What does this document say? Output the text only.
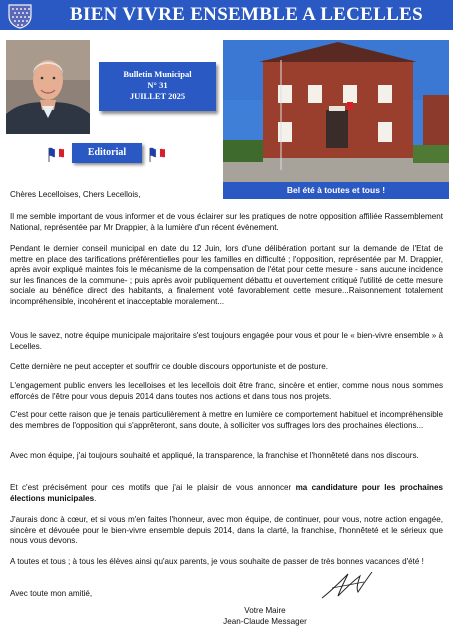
BIEN VIVRE ENSEMBLE A LECELLES
Bulletin Municipal
N° 31
JUILLET 2025
Editorial
Bel été à toutes et tous !

Chères Lecelloises, Chers Lecellois,

Il me semble important de vous informer et de vous éclairer sur les pratiques de notre opposition affiliée Rassemblement National, représentée par Mr Drappier, à la lumière d'un récent évènement.

Pendant le dernier conseil municipal en date du 12 Juin, lors d'une délibération portant sur la demande de l'Etat de mettre en place des tarifications préférentielles pour les familles en difficulté ; l'opposition, représentée par M. Drappier, après avoir expliqué maintes fois le mécanisme de la compensation de l'état pour cette mesure - sans aucune incidence sur les finances de la commune- ; puis après avoir publiquement débattu et ouvertement critiqué l'utilité de cette mesure sociale au bénéfice direct des habitants, a finalement voté favorablement cette mesure...Raisonnement totalement incompréhensible, incohérent et inacceptable moralement...

Vous le savez, notre équipe municipale majoritaire s'est toujours engagée pour vous et pour le « bien-vivre ensemble » à Lecelles.

Cette dernière ne peut accepter et souffrir ce double discours opportuniste et de posture.

L'engagement public envers les lecelloises et les lecellois doit être franc, sincère et entier, comme nous nous sommes efforcés de l'être pour vous depuis 2014 dans toutes nos actions et dans tous nos projets.

C'est pour cette raison que je tenais particulièrement à mettre en lumière ce comportement habituel et incompréhensible des membres de l'opposition qui s'apprêteront, sans doute, à solliciter vos suffrages lors des prochaines élections...

Avec mon équipe, j'ai toujours souhaité et appliqué, la transparence, la franchise et l'honnêteté dans nos discours.

Et c'est précisément pour ces motifs que j'ai le plaisir de vous annoncer ma candidature pour les prochaines élections municipales.

J'aurais donc à cœur, et si vous m'en faites l'honneur, avec mon équipe, de continuer, pour vous, notre action engagée, sincère et dévouée pour le bien-vivre ensemble depuis 2014, dans la clarté, la franchise, l'honnêteté et le sérieux que nous vous devons.

A toutes et tous ; à tous les élèves ainsi qu'aux parents, je vous souhaite de passer de très bonnes vacances d'été !

Avec toute mon amitié,

Votre Maire
Jean-Claude Messager
